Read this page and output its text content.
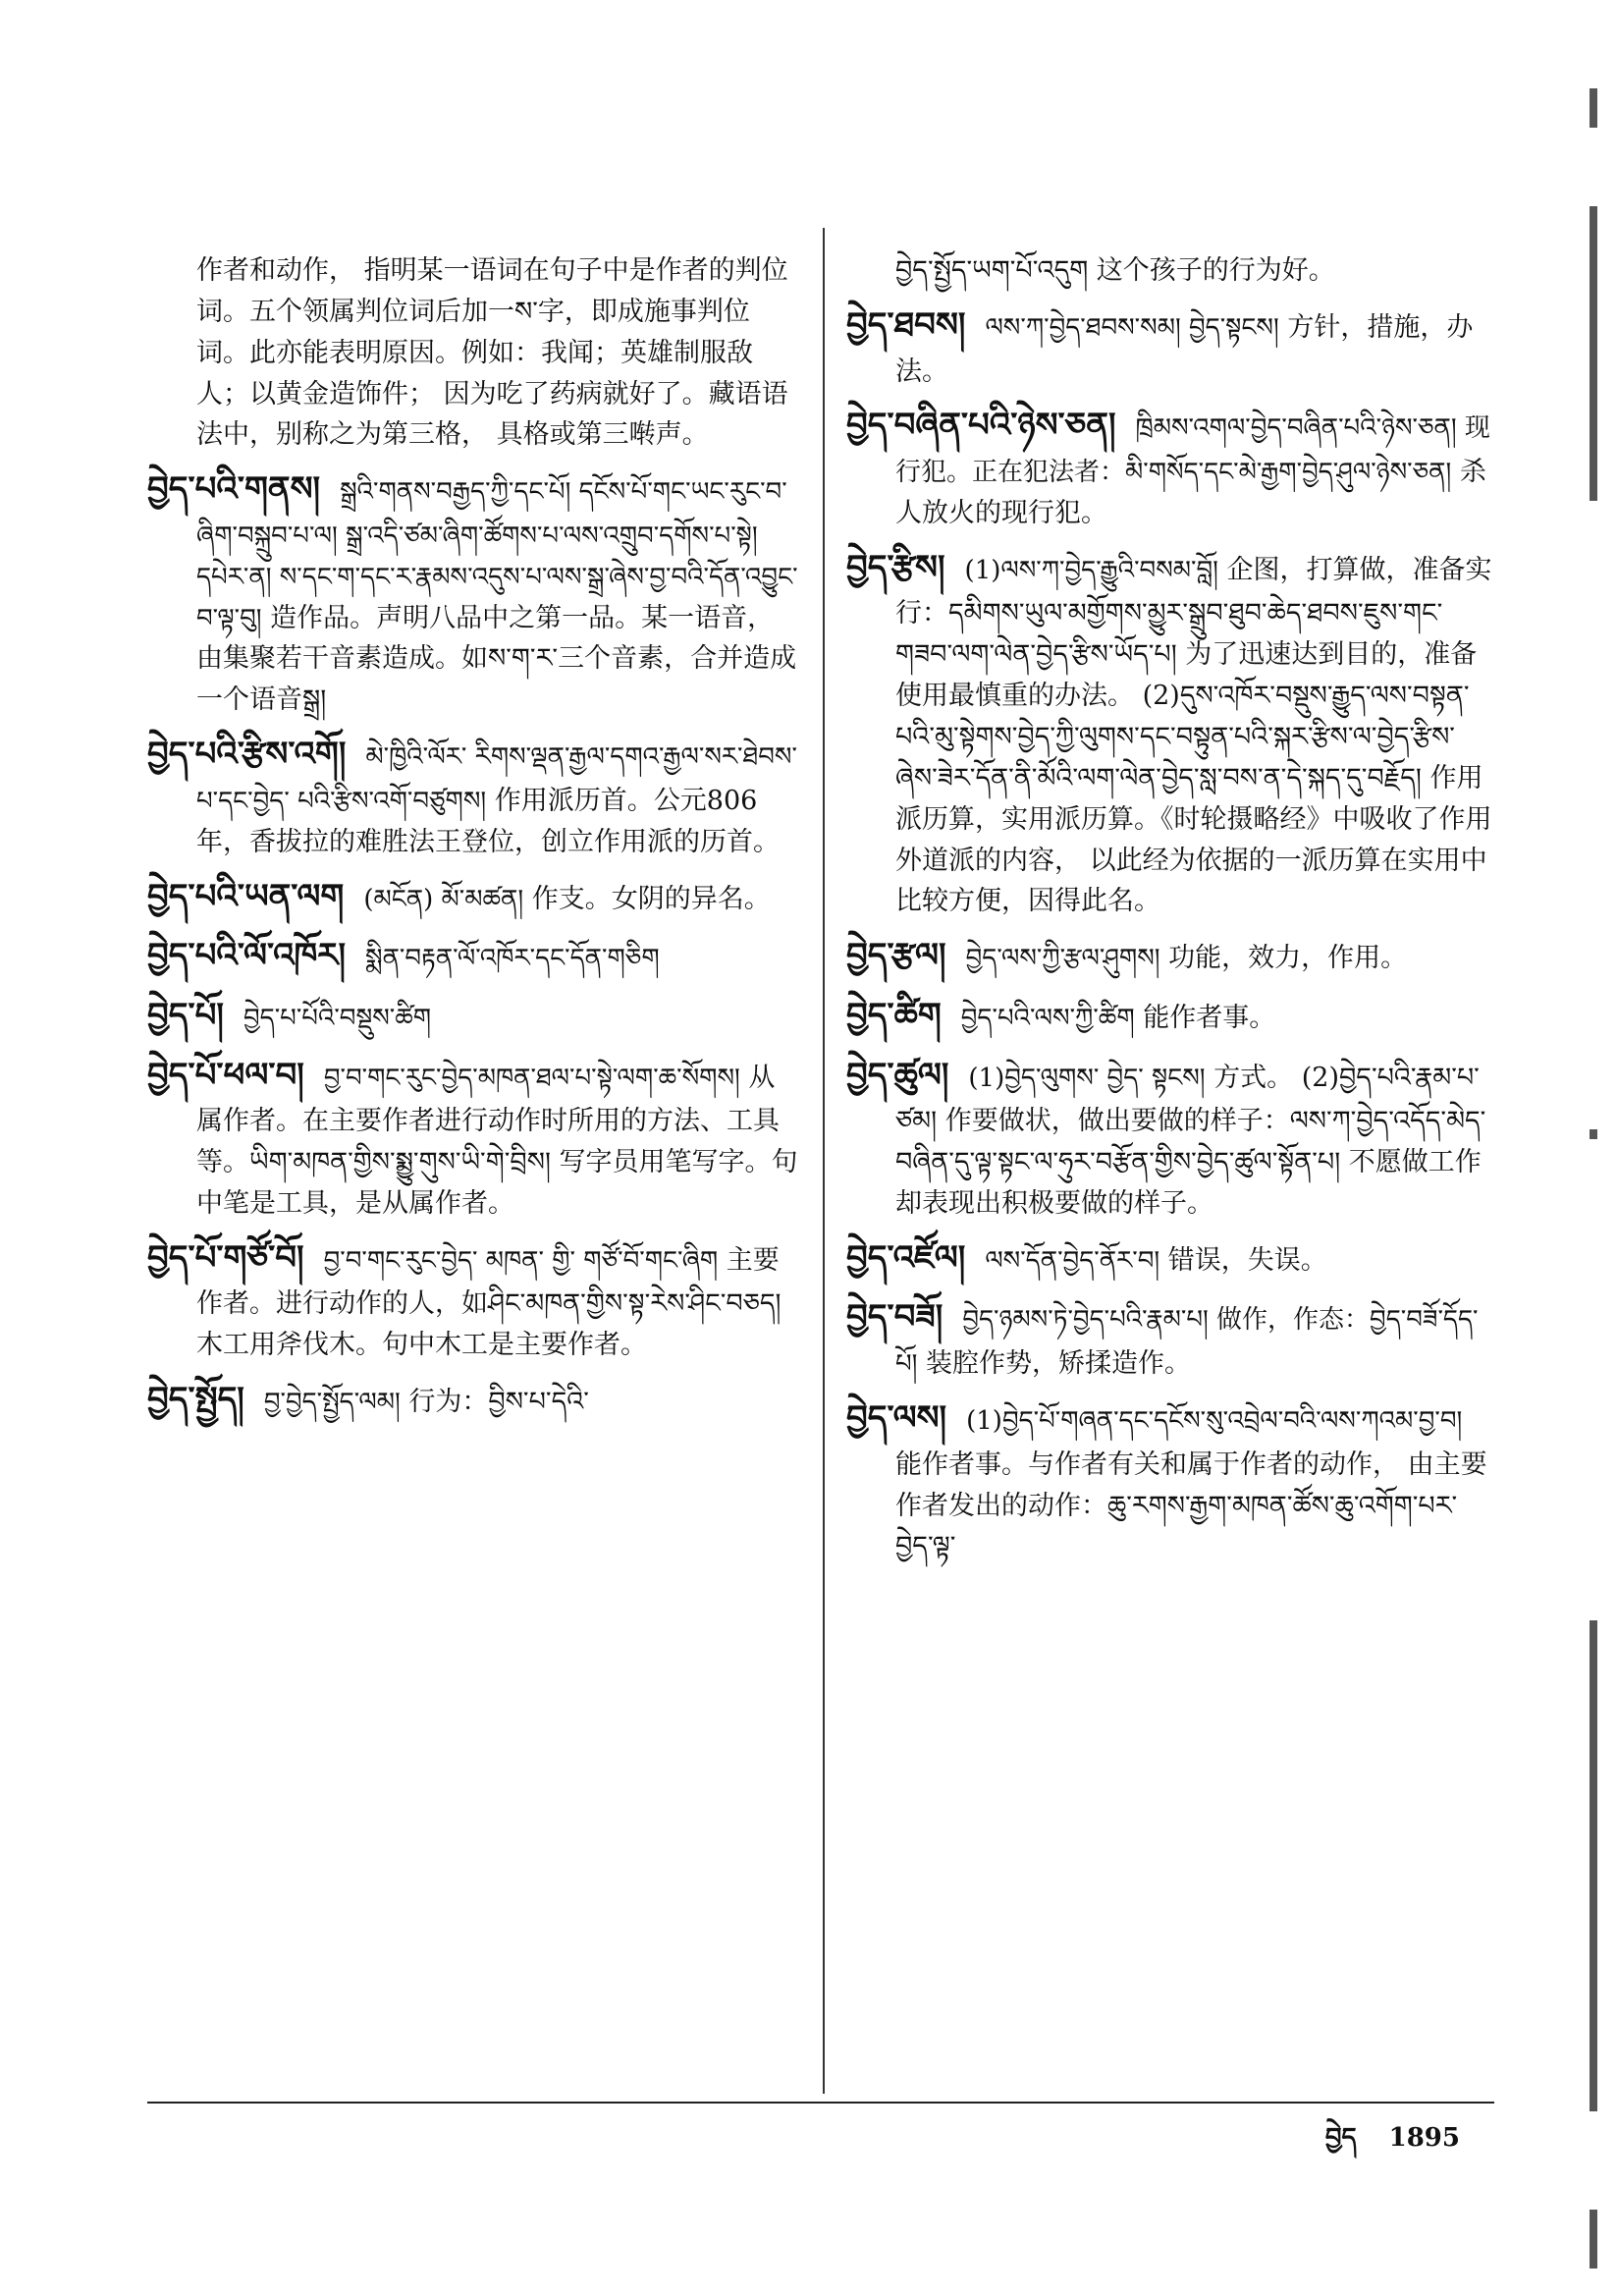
作者和动作， 指明某一语词在句子中是作者的判位词。五个领属判位词后加一ས་字，即成施事判位词。此亦能表明原因。例如：我闻；英雄制服敌人；以黄金造饰件； 因为吃了药病就好了。藏语语法中，别称之为第三格， 具格或第三啭声。

བྱེད་པའི་གནས། སྒྲའི་གནས་བརྒྱད་ཀྱི་དང་པོ། དངོས་པོ་གང་ཡང་རུང་བ་ཞིག་བསྐྲུབ་པ་ལ། སྒྲ་འདི་ཙམ་ཞིག་ཚོགས་པ་ལས་འགྲུབ་དགོས་པ་སྟེ། དཔེར་ན། ས་དང་ག་དང་ར་རྣམས་འདུས་པ་ལས་སྒྲ་ཞེས་བྱ་བའི་དོན་འབྱུང་བ་ལྟ་བུ། 造作品。声明八品中之第一品。某一语音， 由集聚若干音素造成。如ས་ག་ར་三个音素，合并造成一个语音སྒྲ།

བྱེད་པའི་རྩིས་འགོ། མེ་ཁྱིའི་ལོར་ རིགས་ལྡན་རྒྱལ་དགའ་རྒྱལ་སར་ཐེབས་པ་དང་བྱེད་ པའི་རྩིས་འགོ་བཙུགས། 作用派历首。公元806年，香拔拉的难胜法王登位，创立作用派的历首。

བྱེད་པའི་ཡན་ལག (མངོན) མོ་མཚན། 作支。女阴的异名。

བྱེད་པའི་ལོ་འཁོར། སྨིན་བརྟན་ལོ་འཁོར་དང་དོན་གཅིག

བྱེད་པོ། བྱེད་པ་པོའི་བསྡུས་ཚིག

བྱེད་པོ་ཕལ་བ། བྱ་བ་གང་རུང་བྱེད་མཁན་ཐལ་པ་སྟེ་ལག་ཆ་སོགས། 从属作者。在主要作者进行动作时所用的方法、工具等。ཡིག་མཁན་གྱིས་སྨྱུ་གུས་ཡི་གེ་བྲིས། 写字员用笔写字。句中笔是工具，是从属作者。

བྱེད་པོ་གཙོ་བོ། བྱ་བ་གང་རུང་བྱེད་ མཁན་ གྱི་ གཙོ་བོ་གང་ཞིག 主要作者。进行动作的人，如ཤིང་མཁན་གྱིས་སྟ་རེས་ཤིང་བཅད། 木工用斧伐木。句中木工是主要作者。

བྱེད་སྤྱོད། བྱ་བྱེད་སྤྱོད་ལམ། 行为：བྱིས་པ་དེའི་

བྱེད་སྤྱོད་ཡག་པོ་འདུག 这个孩子的行为好。

བྱེད་ཐབས། ལས་ཀ་བྱེད་ཐབས་སམ། བྱེད་སྟངས། 方针，措施，办法。

བྱེད་བཞིན་པའི་ཉེས་ཅན། ཁྲིམས་འགལ་བྱེད་བཞིན་པའི་ཉེས་ཅན། 现行犯。正在犯法者：མི་གསོད་དང་མེ་རྒྱག་བྱེད་ཤུལ་ཉེས་ཅན། 杀人放火的现行犯。

བྱེད་རྩིས། (1)ལས་ཀ་བྱེད་རྒྱུའི་བསམ་བློ། 企图，打算做，准备实行：དམིགས་ཡུལ་མགྱོགས་མྱུར་སྒྲུབ་ཐུབ་ཆེད་ཐབས་ཇུས་གང་གཟབ་ལག་ལེན་བྱེད་རྩིས་ཡོད་པ། 为了迅速达到目的，准备使用最慎重的办法。 (2)དུས་འཁོར་བསྡུས་རྒྱུད་ལས་བསྟན་པའི་མུ་སྟེགས་བྱེད་ཀྱི་ལུགས་དང་བསྟུན་པའི་སྐར་རྩིས་ལ་བྱེད་རྩིས་ཞེས་ཟེར་དོན་ནི་མོའི་ལག་ལེན་བྱེད་སླ་བས་ན་དེ་སྐད་དུ་བརྗོད། 作用派历算，实用派历算。《时轮摄略经》中吸收了作用外道派的内容， 以此经为依据的一派历算在实用中比较方便，因得此名。

བྱེད་རྩལ། བྱེད་ལས་ཀྱི་རྩལ་ཤུགས། 功能，效力，作用。

བྱེད་ཚིག བྱེད་པའི་ལས་ཀྱི་ཚིག 能作者事。

བྱེད་ཚུལ། (1)བྱེད་ལུགས་ བྱེད་ སྟངས། 方式。 (2)བྱེད་པའི་རྣམ་པ་ཙམ། 作要做状，做出要做的样子：ལས་ཀ་བྱེད་འདོད་མེད་བཞིན་དུ་ལྟ་སྟང་ལ་ཧུར་བརྩོན་གྱིས་བྱེད་ཚུལ་སྟོན་པ། 不愿做工作却表现出积极要做的样子。

བྱེད་འཛོལ། ལས་དོན་བྱེད་ནོར་བ། 错误，失误。

བྱེད་བཟོ། བྱེད་ཉམས་ཏེ་བྱེད་པའི་རྣམ་པ། 做作，作态：བྱེད་བཟོ་དོད་པོ། 装腔作势，矫揉造作。

བྱེད་ལས། (1)བྱེད་པོ་གཞན་དང་དངོས་སུ་འབྲེལ་བའི་ལས་ཀའམ་བྱ་བ། 能作者事。与作者有关和属于作者的动作， 由主要作者发出的动作：ཆུ་རགས་རྒྱག་མཁན་ཚོས་ཆུ་འགོག་པར་བྱེད་ལྟ་

བྱེད 1895
